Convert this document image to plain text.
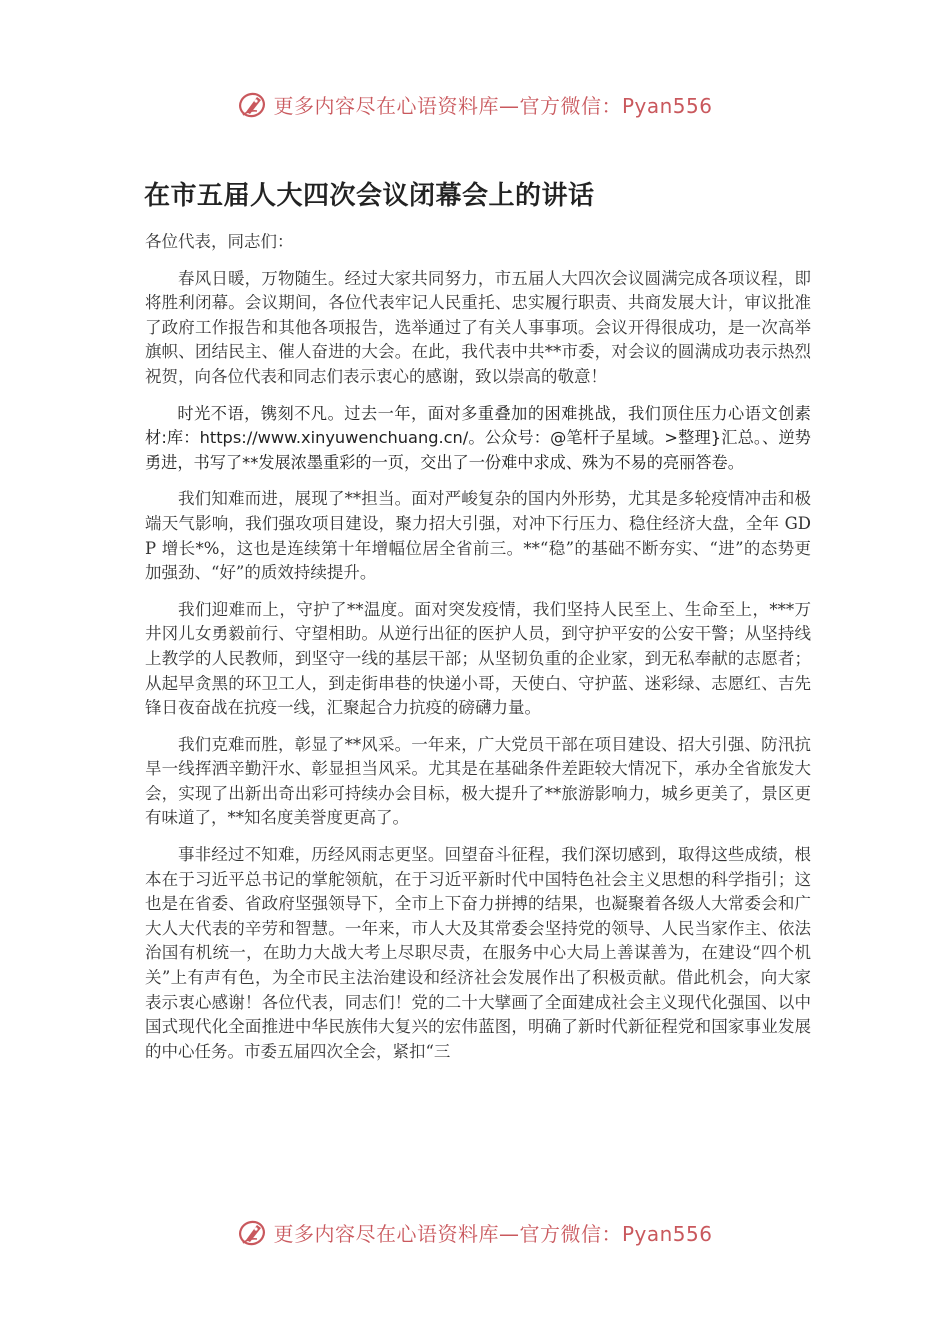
更多内容尽在心语资料库—官方微信：Pyan556
在市五届人大四次会议闭幕会上的讲话

各位代表，同志们：

春风日暖，万物随生。经过大家共同努力，市五届人大四次会议圆满完成各项议程，即将胜利闭幕。会议期间，各位代表牢记人民重托、忠实履行职责、共商发展大计，审议批准了政府工作报告和其他各项报告，选举通过了有关人事事项。会议开得很成功，是一次高举旗帜、团结民主、催人奋进的大会。在此，我代表中共**市委，对会议的圆满成功表示热烈祝贺，向各位代表和同志们表示衷心的感谢，致以崇高的敬意！

时光不语，镌刻不凡。过去一年，面对多重叠加的困难挑战，我们顶住压力心语文创素材:库：https://www.xinyuwenchuang.cn/。公众号：@笔杆子星域。>整理}汇总。、逆势勇进，书写了**发展浓墨重彩的一页，交出了一份难中求成、殊为不易的亮丽答卷。

我们知难而进，展现了**担当。面对严峻复杂的国内外形势，尤其是多轮疫情冲击和极端天气影响，我们强攻项目建设，聚力招大引强，对冲下行压力、稳住经济大盘，全年 GDP 增长*%，这也是连续第十年增幅位居全省前三。**“稳”的基础不断夯实、“进”的态势更加强劲、“好”的质效持续提升。

我们迎难而上，守护了**温度。面对突发疫情，我们坚持人民至上、生命至上，***万井冈儿女勇毅前行、守望相助。从逆行出征的医护人员，到守护平安的公安干警；从坚持线上教学的人民教师，到坚守一线的基层干部；从坚韧负重的企业家，到无私奉献的志愿者；从起早贪黑的环卫工人，到走街串巷的快递小哥，天使白、守护蓝、迷彩绿、志愿红、吉先锋日夜奋战在抗疫一线，汇聚起合力抗疫的磅礴力量。

我们克难而胜，彰显了**风采。一年来，广大党员干部在项目建设、招大引强、防汛抗旱一线挥洒辛勤汗水、彰显担当风采。尤其是在基础条件差距较大情况下，承办全省旅发大会，实现了出新出奇出彩可持续办会目标，极大提升了**旅游影响力，城乡更美了，景区更有味道了，**知名度美誉度更高了。

事非经过不知难，历经风雨志更坚。回望奋斗征程，我们深切感到，取得这些成绩，根本在于习近平总书记的掌舵领航，在于习近平新时代中国特色社会主义思想的科学指引；这也是在省委、省政府坚强领导下，全市上下奋力拼搏的结果，也凝聚着各级人大常委会和广大人大代表的辛劳和智慧。一年来，市人大及其常委会坚持党的领导、人民当家作主、依法治国有机统一，在助力大战大考上尽职尽责，在服务中心大局上善谋善为，在建设“四个机关”上有声有色，为全市民主法治建设和经济社会发展作出了积极贡献。借此机会，向大家表示衷心感谢！各位代表，同志们！党的二十大擘画了全面建成社会主义现代化强国、以中国式现代化全面推进中华民族伟大复兴的宏伟蓝图，明确了新时代新征程党和国家事业发展的中心任务。市委五届四次全会，紧扣“三

更多内容尽在心语资料库—官方微信：Pyan556
